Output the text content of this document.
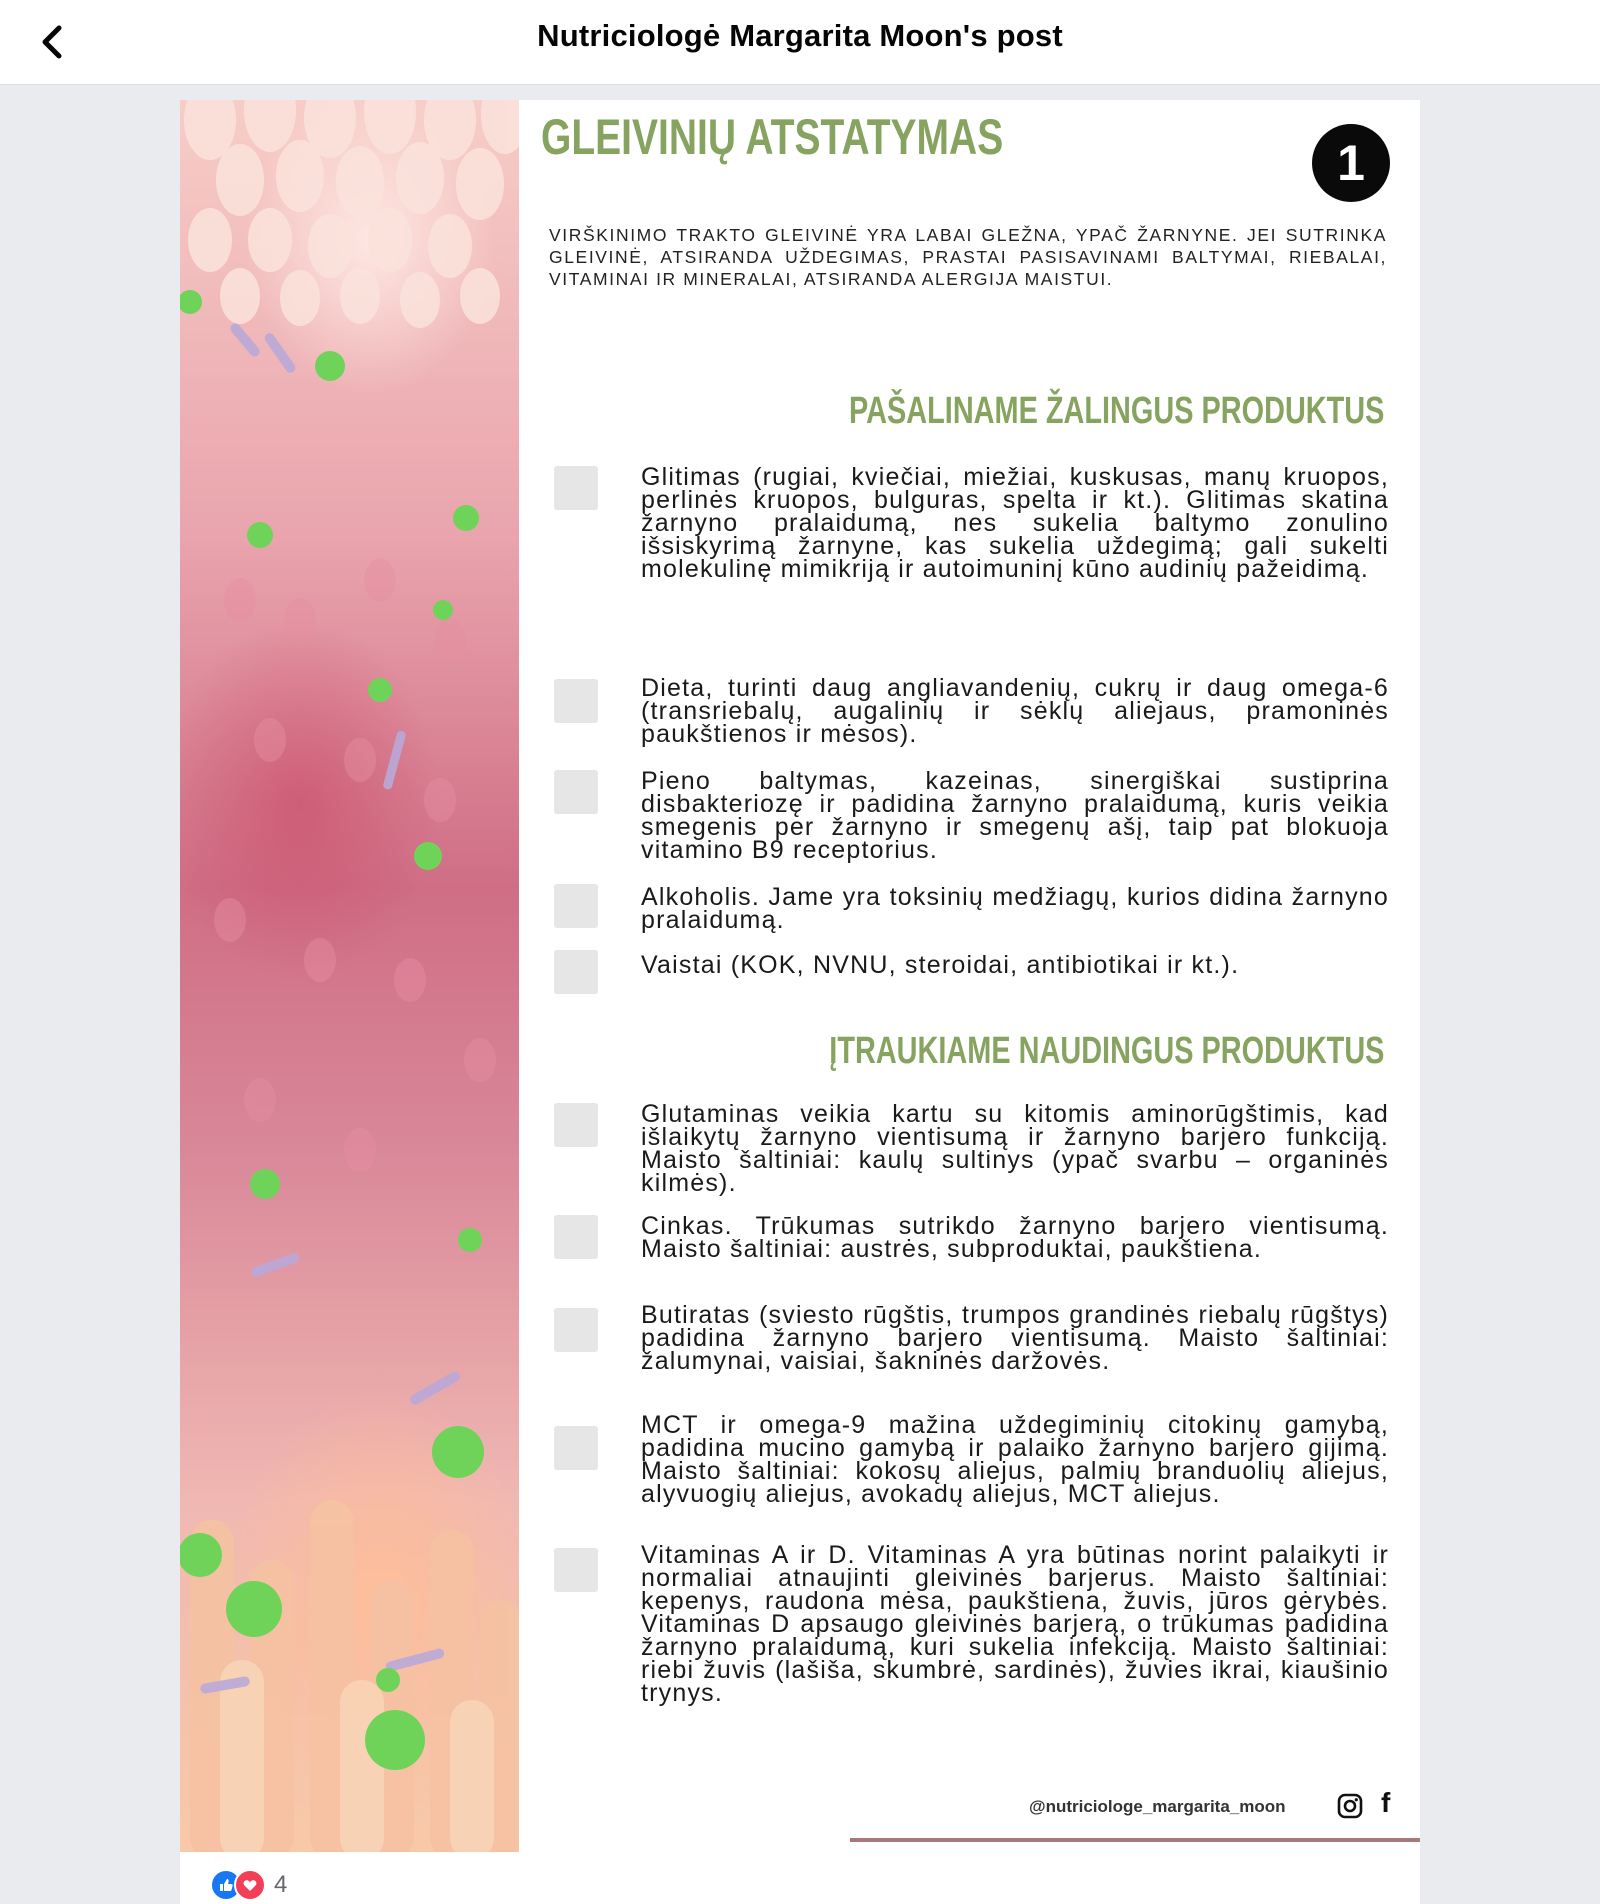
Nutriciologė Margarita Moon's post
GLEIVINIŲ ATSTATYMAS	1
VIRŠKINIMO TRAKTO GLEIVINĖ YRA LABAI GLEŽNA, YPAČ ŽARNYNE. JEI SUTRINKA GLEIVINĖ, ATSIRANDA UŽDEGIMAS, PRASTAI PASISAVINAMI BALTYMAI, RIEBALAI, VITAMINAI IR MINERALAI, ATSIRANDA ALERGIJA MAISTUI.
PAŠALINAME ŽALINGUS PRODUKTUS
Glitimas (rugiai, kviečiai, miežiai, kuskusas, manų kruopos, perlinės kruopos, bulguras, spelta ir kt.). Glitimas skatina žarnyno pralaidumą, nes sukelia baltymo zonulino išsiskyrimą žarnyne, kas sukelia uždegimą; gali sukelti molekulinę mimikriją ir autoimuninį kūno audinių pažeidimą.
Dieta, turinti daug angliavandenių, cukrų ir daug omega-6 (transriebalų, augalinių ir sėklų aliejaus, pramoninės paukštienos ir mėsos).
Pieno baltymas, kazeinas, sinergiškai sustiprina disbakteriozę ir padidina žarnyno pralaidumą, kuris veikia smegenis per žarnyno ir smegenų ašį, taip pat blokuoja vitamino B9 receptorius.
Alkoholis. Jame yra toksinių medžiagų, kurios didina žarnyno pralaidumą.
Vaistai (KOK, NVNU, steroidai, antibiotikai ir kt.).
ĮTRAUKIAME NAUDINGUS PRODUKTUS
Glutaminas veikia kartu su kitomis aminorūgštimis, kad išlaikytų žarnyno vientisumą ir žarnyno barjero funkciją. Maisto šaltiniai: kaulų sultinys (ypač svarbu – organinės kilmės).
Cinkas. Trūkumas sutrikdo žarnyno barjero vientisumą. Maisto šaltiniai: austrės, subproduktai, paukštiena.
Butiratas (sviesto rūgštis, trumpos grandinės riebalų rūgštys) padidina žarnyno barjero vientisumą. Maisto šaltiniai: žalumynai, vaisiai, šakninės daržovės.
MCT ir omega-9 mažina uždegiminių citokinų gamybą, padidina mucino gamybą ir palaiko žarnyno barjero gijimą. Maisto šaltiniai: kokosų aliejus, palmių branduolių aliejus, alyvuogių aliejus, avokadų aliejus, MCT aliejus.
Vitaminas A ir D. Vitaminas A yra būtinas norint palaikyti ir normaliai atnaujinti gleivinės barjerus. Maisto šaltiniai: kepenys, raudona mėsa, paukštiena, žuvis, jūros gėrybės. Vitaminas D apsaugo gleivinės barjerą, o trūkumas padidina žarnyno pralaidumą, kuri sukelia infekciją. Maisto šaltiniai: riebi žuvis (lašiša, skumbrė, sardinės), žuvies ikrai, kiaušinio trynys.
@nutriciologe_margarita_moon	f
4
